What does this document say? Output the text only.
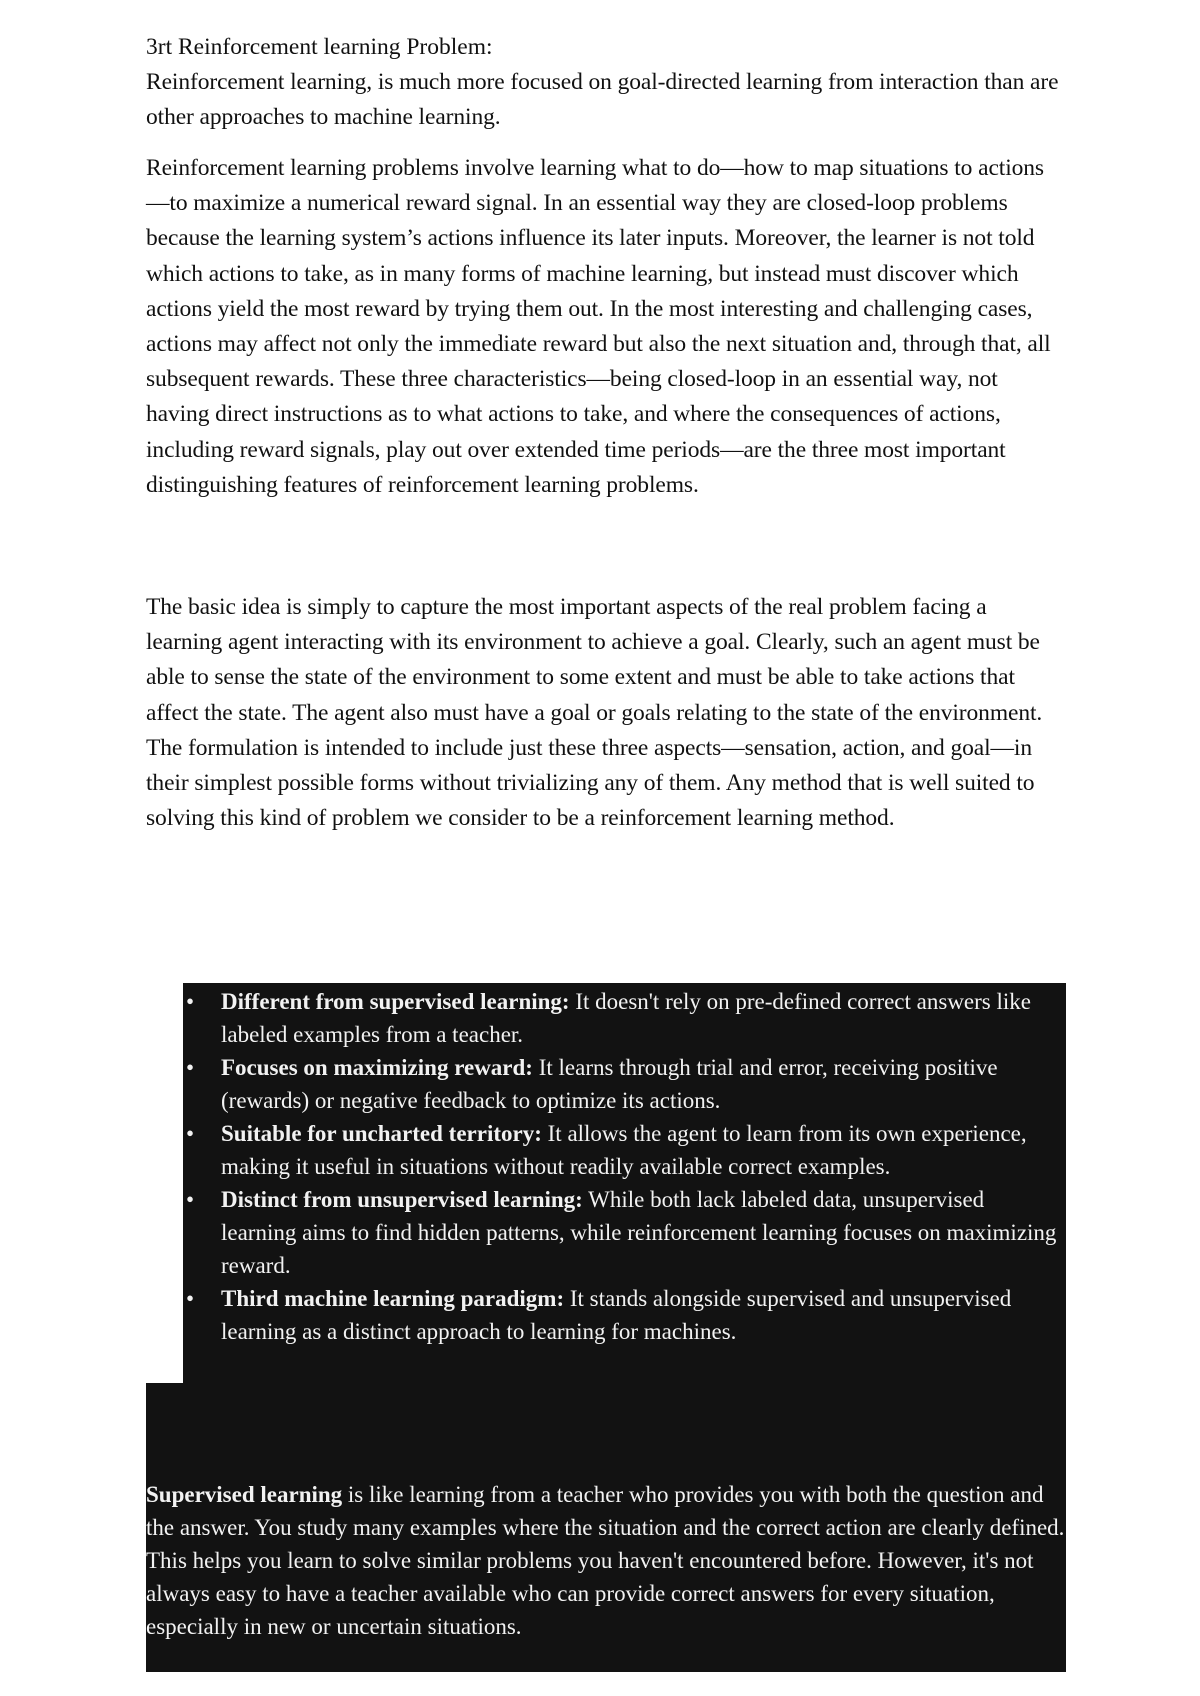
3rt Reinforcement learning Problem:

Reinforcement learning, is much more focused on goal-directed learning from interaction than are other approaches to machine learning.

Reinforcement learning problems involve learning what to do—how to map situations to actions—to maximize a numerical reward signal. In an essential way they are closed-loop problems because the learning system’s actions influence its later inputs. Moreover, the learner is not told which actions to take, as in many forms of machine learning, but instead must discover which actions yield the most reward by trying them out. In the most interesting and challenging cases, actions may affect not only the immediate reward but also the next situation and, through that, all subsequent rewards. These three characteristics—being closed-loop in an essential way, not having direct instructions as to what actions to take, and where the consequences of actions, including reward signals, play out over extended time periods—are the three most important distinguishing features of reinforcement learning problems.

The basic idea is simply to capture the most important aspects of the real problem facing a learning agent interacting with its environment to achieve a goal. Clearly, such an agent must be able to sense the state of the environment to some extent and must be able to take actions that affect the state. The agent also must have a goal or goals relating to the state of the environment. The formulation is intended to include just these three aspects—sensation, action, and goal—in their simplest possible forms without trivializing any of them. Any method that is well suited to solving this kind of problem we consider to be a reinforcement learning method.

• Different from supervised learning: It doesn't rely on pre-defined correct answers like labeled examples from a teacher.
• Focuses on maximizing reward: It learns through trial and error, receiving positive (rewards) or negative feedback to optimize its actions.
• Suitable for uncharted territory: It allows the agent to learn from its own experience, making it useful in situations without readily available correct examples.
• Distinct from unsupervised learning: While both lack labeled data, unsupervised learning aims to find hidden patterns, while reinforcement learning focuses on maximizing reward.
• Third machine learning paradigm: It stands alongside supervised and unsupervised learning as a distinct approach to learning for machines.
Supervised learning is like learning from a teacher who provides you with both the question and the answer. You study many examples where the situation and the correct action are clearly defined. This helps you learn to solve similar problems you haven't encountered before. However, it's not always easy to have a teacher available who can provide correct answers for every situation, especially in new or uncertain situations.
